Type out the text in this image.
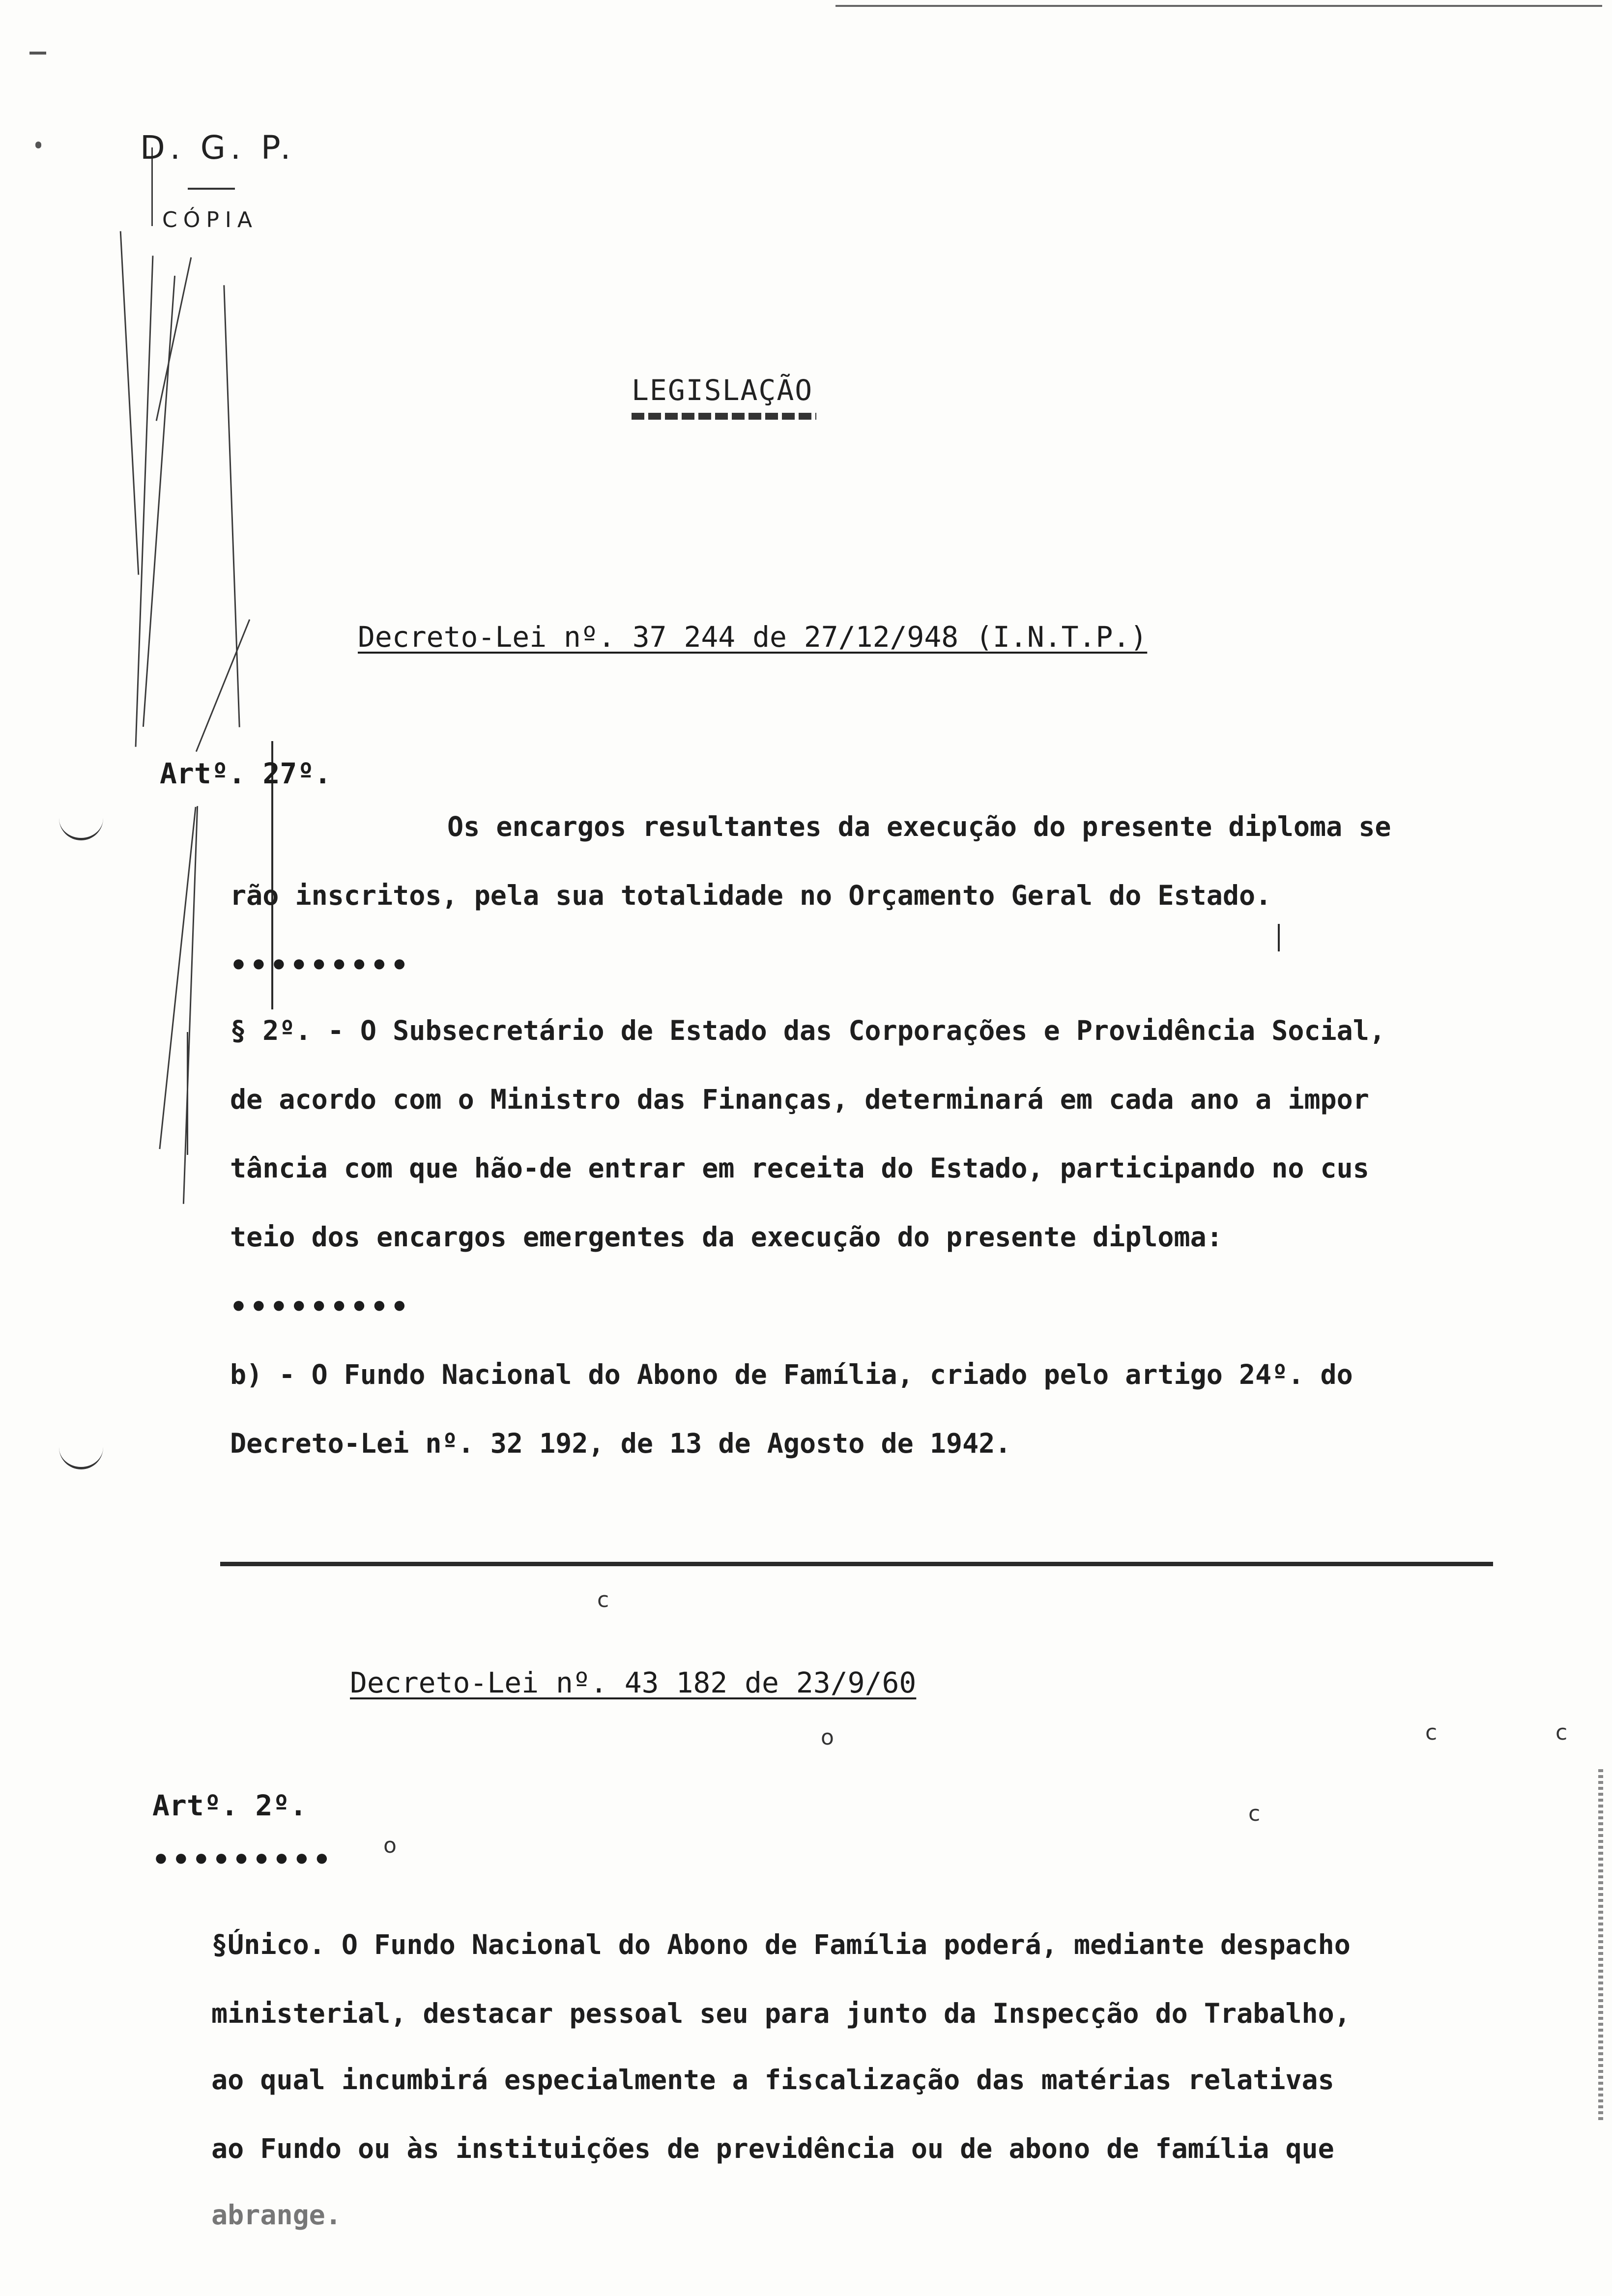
D. G. P.
CÓPIA
LEGISLAÇÃO
Decreto-Lei nº. 37 244 de 27/12/948 (I.N.T.P.)
Artº. 27º.
Os encargos resultantes da execução do presente diploma se
rão inscritos, pela sua totalidade no Orçamento Geral do Estado.
•••••••••
§ 2º. - O Subsecretário de Estado das Corporações e Providência Social,
de acordo com o Ministro das Finanças, determinará em cada ano a impor
tância com que hão-de entrar em receita do Estado, participando no cus
teio dos encargos emergentes da execução do presente diploma:
•••••••••
b) - O Fundo Nacional do Abono de Família, criado pelo artigo 24º. do
Decreto-Lei nº. 32 192, de 13 de Agosto de 1942.
c
o
o
c
c	c
Decreto-Lei nº. 43 182 de 23/9/60
Artº. 2º.
•••••••••
§Único. O Fundo Nacional do Abono de Família poderá, mediante despacho
ministerial, destacar pessoal seu para junto da Inspecção do Trabalho,
ao qual incumbirá especialmente a fiscalização das matérias relativas
ao Fundo ou às instituições de previdência ou de abono de família que
abrange.
